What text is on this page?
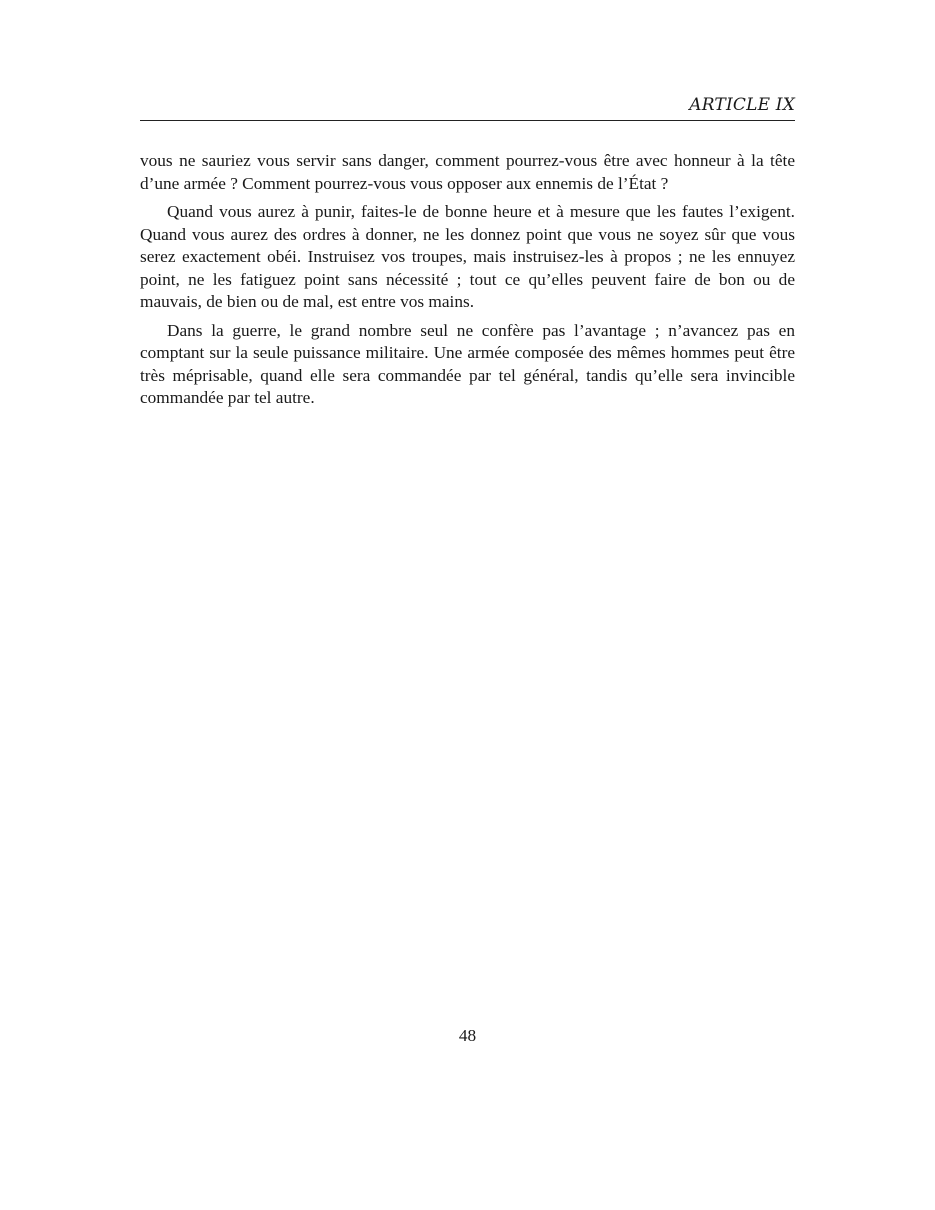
ARTICLE IX

vous ne sauriez vous servir sans danger, comment pourrez-vous être avec honneur à la tête d’une armée ? Comment pourrez-vous vous opposer aux ennemis de l’État ?

Quand vous aurez à punir, faites-le de bonne heure et à mesure que les fautes l’exigent. Quand vous aurez des ordres à donner, ne les donnez point que vous ne soyez sûr que vous serez exactement obéi. Instruisez vos troupes, mais instruisez-les à propos ; ne les ennuyez point, ne les fatiguez point sans nécessité ; tout ce qu’elles peuvent faire de bon ou de mauvais, de bien ou de mal, est entre vos mains.

Dans la guerre, le grand nombre seul ne confère pas l’avantage ; n’avancez pas en comptant sur la seule puissance militaire. Une armée composée des mêmes hommes peut être très méprisable, quand elle sera commandée par tel général, tandis qu’elle sera invincible commandée par tel autre.

48
